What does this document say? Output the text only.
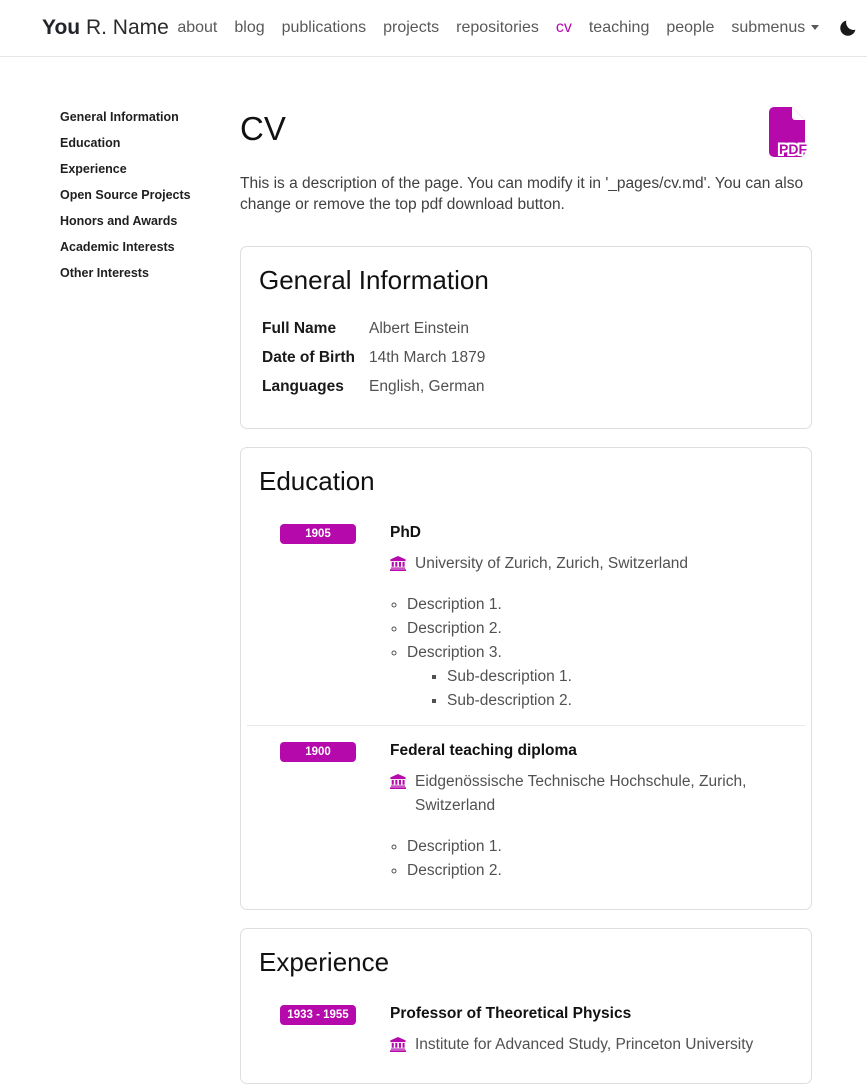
You R. Name about	blog	publications	projects	repositories	cv	teaching	people	submenus
General Information
Education
Experience
Open Source Projects
Honors and Awards
Academic Interests
Other Interests
CV
PDF

This is a description of the page. You can modify it in '_pages/cv.md'. You can also change or remove the top pdf download button.

General Information
Full Name	Albert Einstein
Date of Birth 14th March 1879
Languages	English, German
Education
1905	PhD
University of Zurich, Zurich, Switzerland
◦ Description 1.
◦ Description 2.
◦ Description 3.
▪ Sub-description 1.
▪ Sub-description 2.
1900	Federal teaching diploma
Eidgenössische Technische Hochschule, Zurich, Switzerland
◦ Description 1.
◦ Description 2.
Experience
1933 - 1955	Professor of Theoretical Physics
Institute for Advanced Study, Princeton University
